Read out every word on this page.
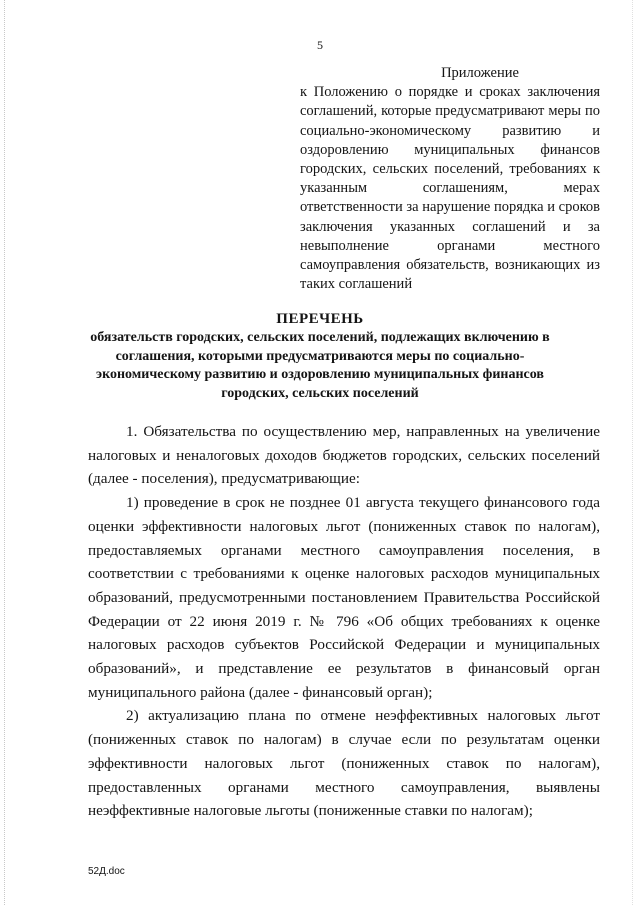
5
Приложение
к Положению о порядке и сроках заключения соглашений, которые предусматривают меры по социально-экономическому развитию и оздоровлению муниципальных финансов городских, сельских поселений, требованиях к указанным соглашениям, мерах ответственности за нарушение порядка и сроков заключения указанных соглашений и за невыполнение органами местного самоуправления обязательств, возникающих из таких соглашений
ПЕРЕЧЕНЬ
обязательств городских, сельских поселений, подлежащих включению в соглашения, которыми предусматриваются меры по социально-экономическому развитию и оздоровлению муниципальных финансов городских, сельских поселений

1. Обязательства по осуществлению мер, направленных на увеличение налоговых и неналоговых доходов бюджетов городских, сельских поселений (далее - поселения), предусматривающие:

1) проведение в срок не позднее 01 августа текущего финансового года оценки эффективности налоговых льгот (пониженных ставок по налогам), предоставляемых органами местного самоуправления поселения, в соответствии с требованиями к оценке налоговых расходов муниципальных образований, предусмотренными постановлением Правительства Российской Федерации от 22 июня 2019 г. № 796 «Об общих требованиях к оценке налоговых расходов субъектов Российской Федерации и муниципальных образований», и представление ее результатов в финансовый орган муниципального района (далее - финансовый орган);

2) актуализацию плана по отмене неэффективных налоговых льгот (пониженных ставок по налогам) в случае если по результатам оценки эффективности налоговых льгот (пониженных ставок по налогам), предоставленных органами местного самоуправления, выявлены неэффективные налоговые льготы (пониженные ставки по налогам);

52Д.doc
